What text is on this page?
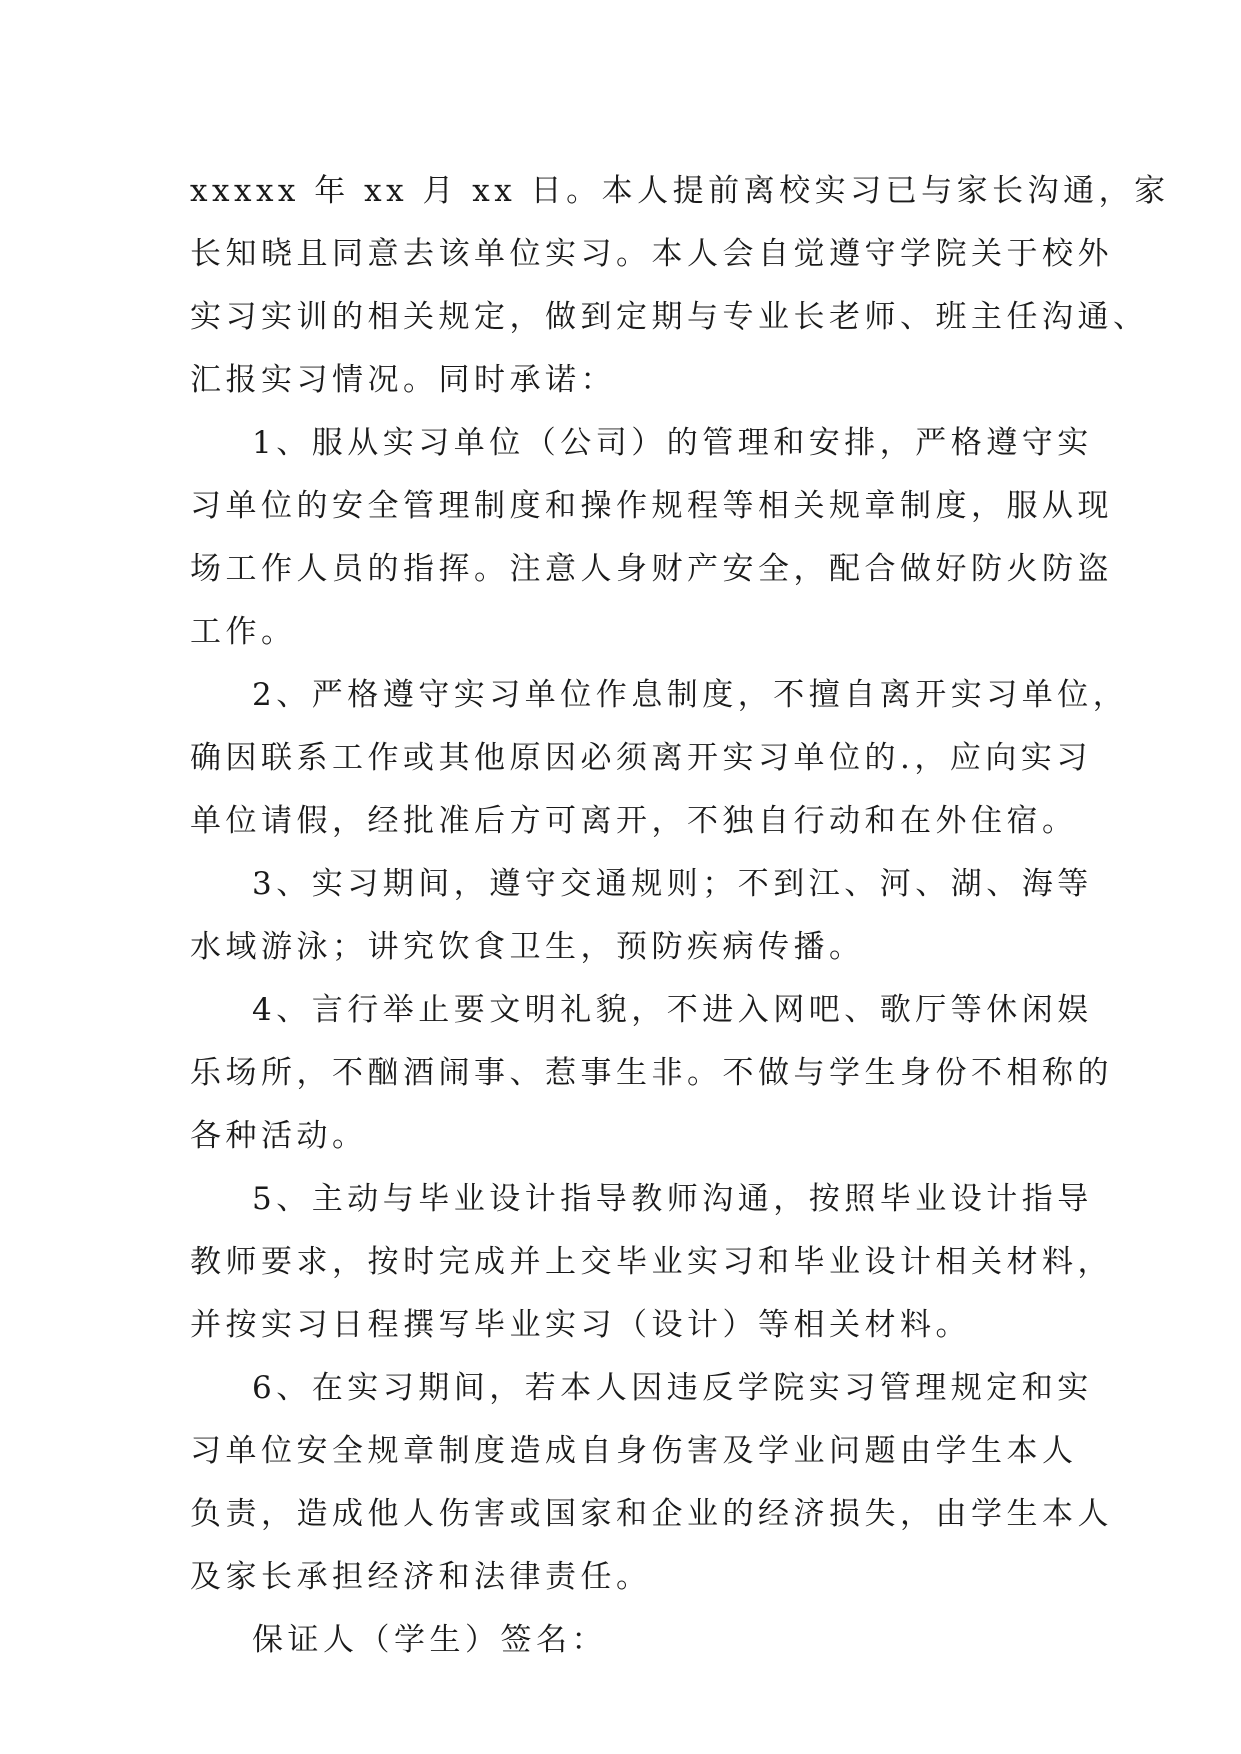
xxxxx 年 xx 月 xx 日。本人提前离校实习已与家长沟通，家
长知晓且同意去该单位实习。本人会自觉遵守学院关于校外
实习实训的相关规定，做到定期与专业长老师、班主任沟通、
汇报实习情况。同时承诺：
1、服从实习单位（公司）的管理和安排，严格遵守实
习单位的安全管理制度和操作规程等相关规章制度，服从现
场工作人员的指挥。注意人身财产安全，配合做好防火防盗
工作。
2、严格遵守实习单位作息制度，不擅自离开实习单位，
确因联系工作或其他原因必须离开实习单位的.，应向实习
单位请假，经批准后方可离开，不独自行动和在外住宿。
3、实习期间，遵守交通规则；不到江、河、湖、海等
水域游泳；讲究饮食卫生，预防疾病传播。
4、言行举止要文明礼貌，不进入网吧、歌厅等休闲娱
乐场所，不酗酒闹事、惹事生非。不做与学生身份不相称的
各种活动。
5、主动与毕业设计指导教师沟通，按照毕业设计指导
教师要求，按时完成并上交毕业实习和毕业设计相关材料，
并按实习日程撰写毕业实习（设计）等相关材料。
6、在实习期间，若本人因违反学院实习管理规定和实
习单位安全规章制度造成自身伤害及学业问题由学生本人
负责，造成他人伤害或国家和企业的经济损失，由学生本人
及家长承担经济和法律责任。
保证人（学生）签名：
